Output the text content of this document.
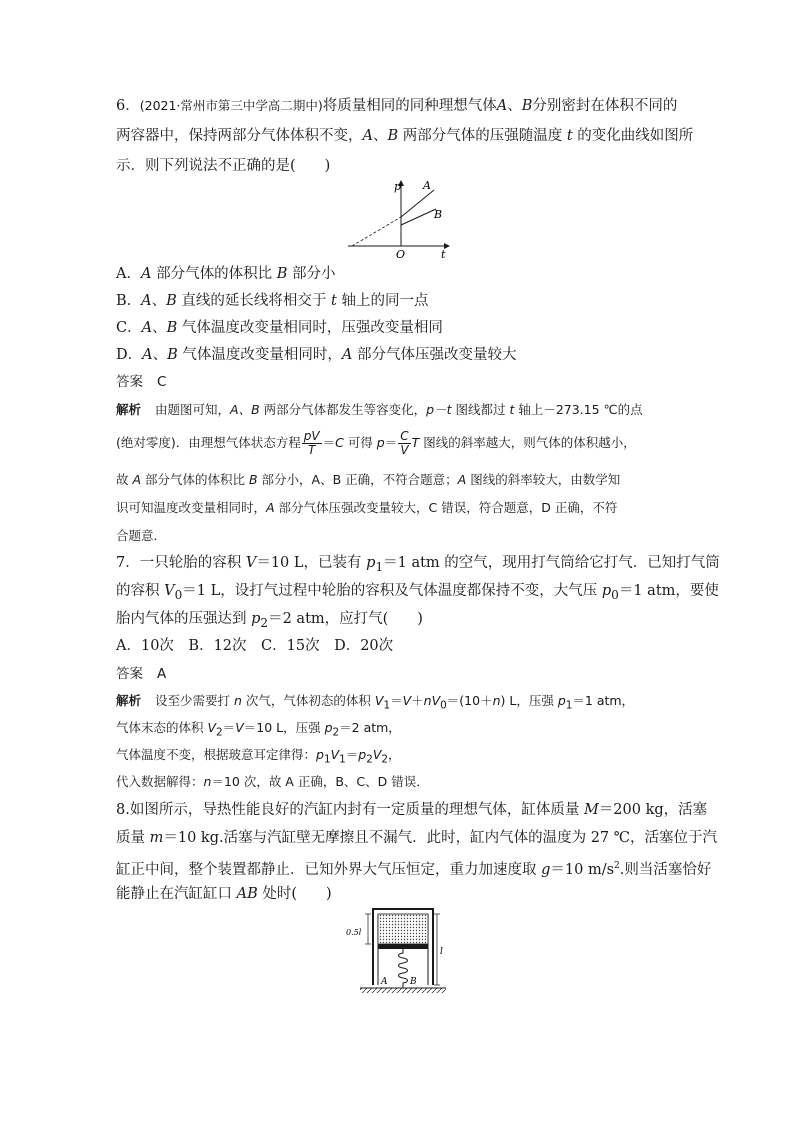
6．(2021·常州市第三中学高二期中)将质量相同的同种理想气体A、B分别密封在体积不同的
两容器中，保持两部分气体体积不变，A、B 两部分气体的压强随温度 t 的变化曲线如图所
示．则下列说法不正确的是(　　)
p A
B
O	t
A．A 部分气体的体积比 B 部分小
B．A、B 直线的延长线将相交于 t 轴上的同一点
C．A、B 气体温度改变量相同时，压强改变量相同
D．A、B 气体温度改变量相同时，A 部分气体压强改变量较大
答案 C
解析 由题图可知，A、B 两部分气体都发生等容变化，p－t 图线都过 t 轴上－273.15 ℃的点
(绝对零度)．由理想气体状态方程 $\frac{pV}{T} =C$ 可得 $p= \frac{C}{V}$ T 图线的斜率越大，则气体的体积越小，
故 A 部分气体的体积比 B 部分小，A、B 正确，不符合题意；A 图线的斜率较大，由数学知
识可知温度改变量相同时，A 部分气体压强改变量较大，C 错误，符合题意，D 正确，不符
合题意．
7．一只轮胎的容积 V＝10 L，已装有 $p_1=1$ atm 的空气，现用打气筒给它打气．已知打气筒
的容积 $V_0=1$ L，设打气过程中轮胎的容积及气体温度都保持不变，大气压 $p_0=1$ atm，要使
胎内气体的压强达到 $p_2=2$ atm，应打气(　　)
A．10次　B．12次　C．15次　D．20次
答案 A
解析 设至少需要打 n 次气，气体初态的体积 $V_1=V+nV_0=(10+n)$ L，压强 $p_1=1$ atm，
气体末态的体积 $V_2=V=10$ L，压强 $p_2=2$ atm，
气体温度不变，根据玻意耳定律得：$p_1V_1=p_2V_2$，
代入数据解得：n＝10 次，故 A 正确，B、C、D 错误．
8.如图所示，导热性能良好的汽缸内封有一定质量的理想气体，缸体质量 M＝200 kg，活塞
质量 m＝10 kg.活塞与汽缸壁无摩擦且不漏气．此时，缸内气体的温度为 27 ℃，活塞位于汽
缸正中间，整个装置都静止．已知外界大气压恒定，重力加速度取 g＝10 $m/s^2$.则当活塞恰好
能静止在汽缸缸口 AB 处时(　　)
0.5l
l
A	B
